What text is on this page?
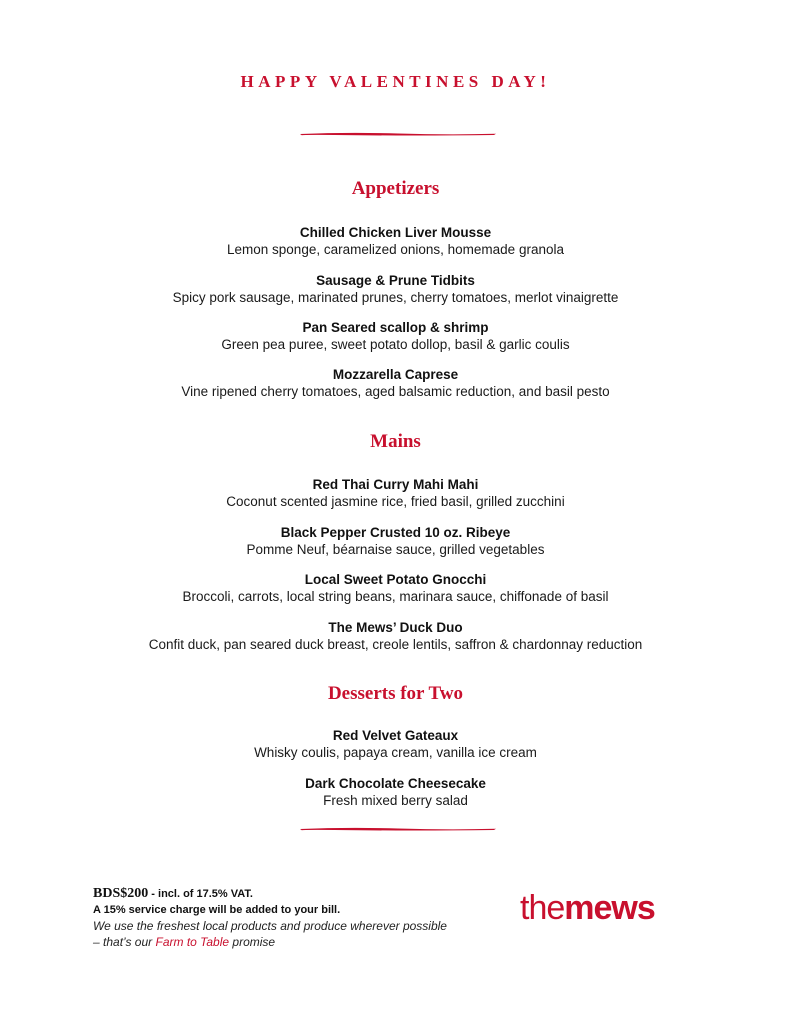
HAPPY VALENTINES DAY!
Appetizers
Chilled Chicken Liver Mousse
Lemon sponge, caramelized onions, homemade granola
Sausage & Prune Tidbits
Spicy pork sausage, marinated prunes, cherry tomatoes, merlot vinaigrette
Pan Seared scallop & shrimp
Green pea puree, sweet potato dollop, basil & garlic coulis
Mozzarella Caprese
Vine ripened cherry tomatoes, aged balsamic reduction, and basil pesto
Mains
Red Thai Curry Mahi Mahi
Coconut scented jasmine rice, fried basil, grilled zucchini
Black Pepper Crusted 10 oz. Ribeye
Pomme Neuf, béarnaise sauce, grilled vegetables
Local Sweet Potato Gnocchi
Broccoli, carrots, local string beans, marinara sauce, chiffonade of basil
The Mews’ Duck Duo
Confit duck, pan seared duck breast, creole lentils, saffron & chardonnay reduction
Desserts for Two
Red Velvet Gateaux
Whisky coulis, papaya cream, vanilla ice cream
Dark Chocolate Cheesecake
Fresh mixed berry salad
BDS$200 - incl. of 17.5% VAT.
A 15% service charge will be added to your bill.
We use the freshest local products and produce wherever possible
– that’s our Farm to Table promise
themews
